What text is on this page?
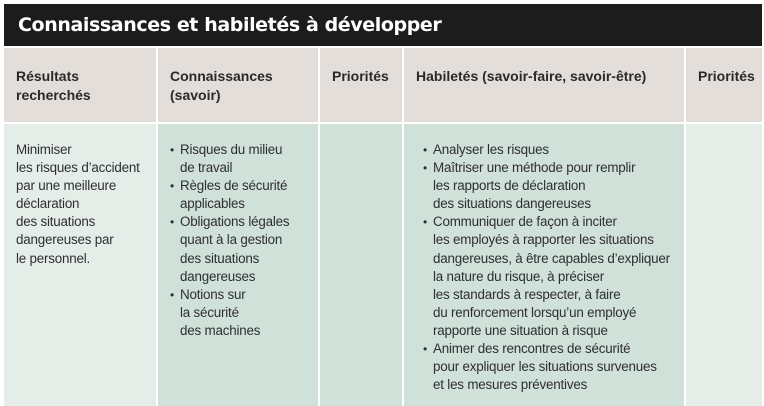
Connaissances et habiletés à développer
Résultats
recherchés
Minimiser
les risques d’accident
par une meilleure
déclaration
des situations
dangereuses par
le personnel.
Connaissances
(savoir)
• Risques du milieu
de travail
• Règles de sécurité
applicables
• Obligations légales
quant à la gestion
des situations
dangereuses
• Notions sur
la sécurité
des machines
Priorités Habiletés (savoir-faire, savoir-être)
• Analyser les risques
• Maîtriser une méthode pour remplir
les rapports de déclaration
des situations dangereuses
• Communiquer de façon à inciter
les employés à rapporter les situations
dangereuses, à être capables d’expliquer
la nature du risque, à préciser
les standards à respecter, à faire
du renforcement lorsqu’un employé
rapporte une situation à risque
• Animer des rencontres de sécurité
pour expliquer les situations survenues
et les mesures préventives
Priorités
